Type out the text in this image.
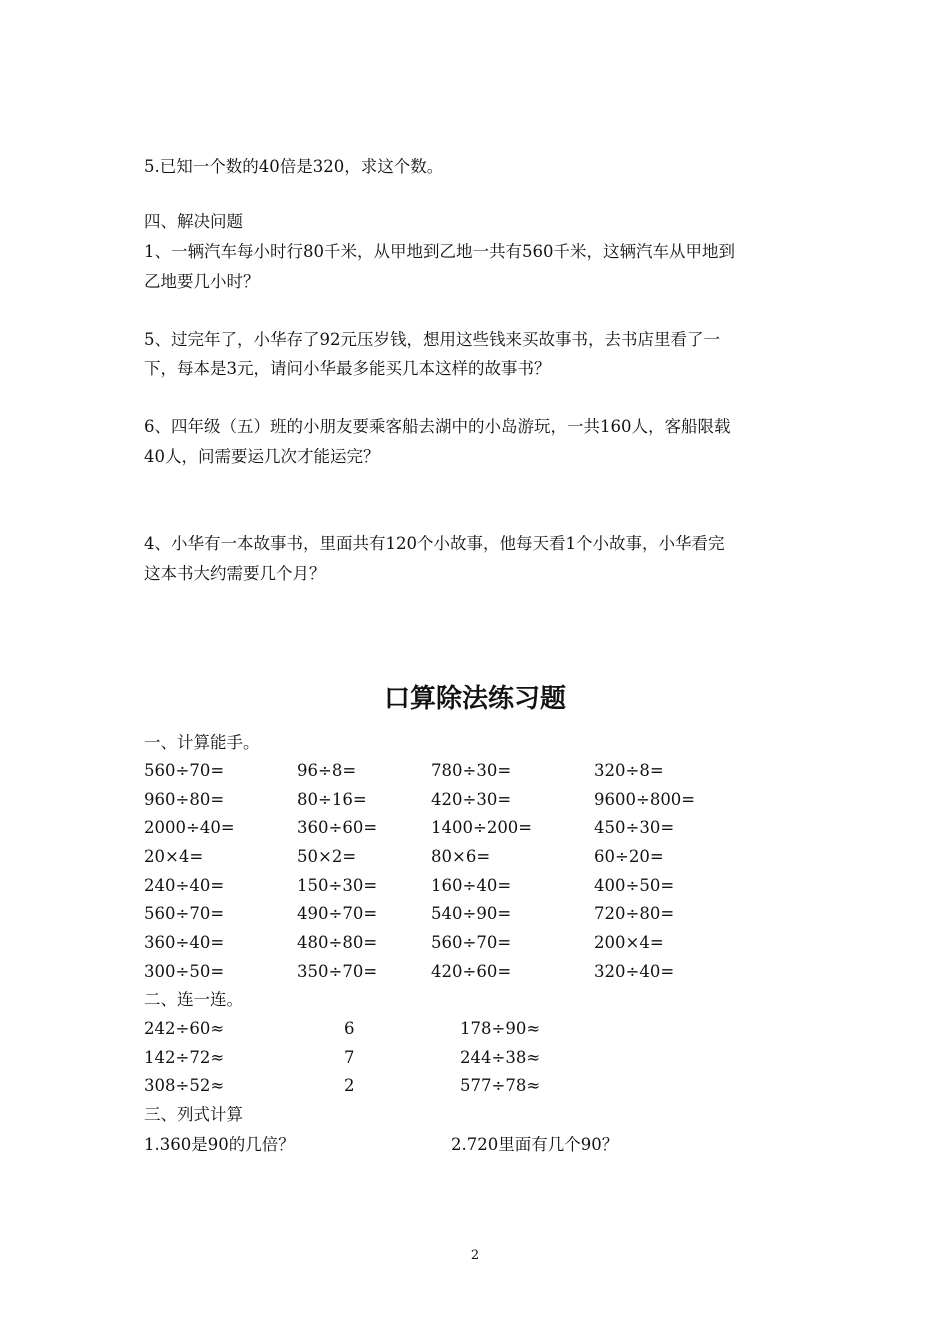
5.已知一个数的40倍是320，求这个数。
四、解决问题
1、一辆汽车每小时行80千米，从甲地到乙地一共有560千米，这辆汽车从甲地到
乙地要几小时？
5、过完年了，小华存了92元压岁钱，想用这些钱来买故事书，去书店里看了一
下，每本是3元，请问小华最多能买几本这样的故事书？
6、四年级（五）班的小朋友要乘客船去湖中的小岛游玩，一共160人，客船限载
40人，问需要运几次才能运完？
4、小华有一本故事书，里面共有120个小故事，他每天看1个小故事，小华看完
这本书大约需要几个月？
口算除法练习题
一、计算能手。
560÷70=	96÷8=	780÷30=	320÷8=
960÷80=	80÷16=	420÷30=	9600÷800=
2000÷40=	360÷60=	1400÷200=	450÷30=
20×4=	50×2=	80×6=	60÷20=
240÷40=	150÷30=	160÷40=	400÷50=
560÷70=	490÷70=	540÷90=	720÷80=
360÷40=	480÷80=	560÷70=	200×4=
300÷50=	350÷70=	420÷60=	320÷40=
二、连一连。
242÷60≈	6	178÷90≈
142÷72≈	7	244÷38≈
308÷52≈	2	577÷78≈
三、列式计算
1.360是90的几倍？	2.720里面有几个90？
2
